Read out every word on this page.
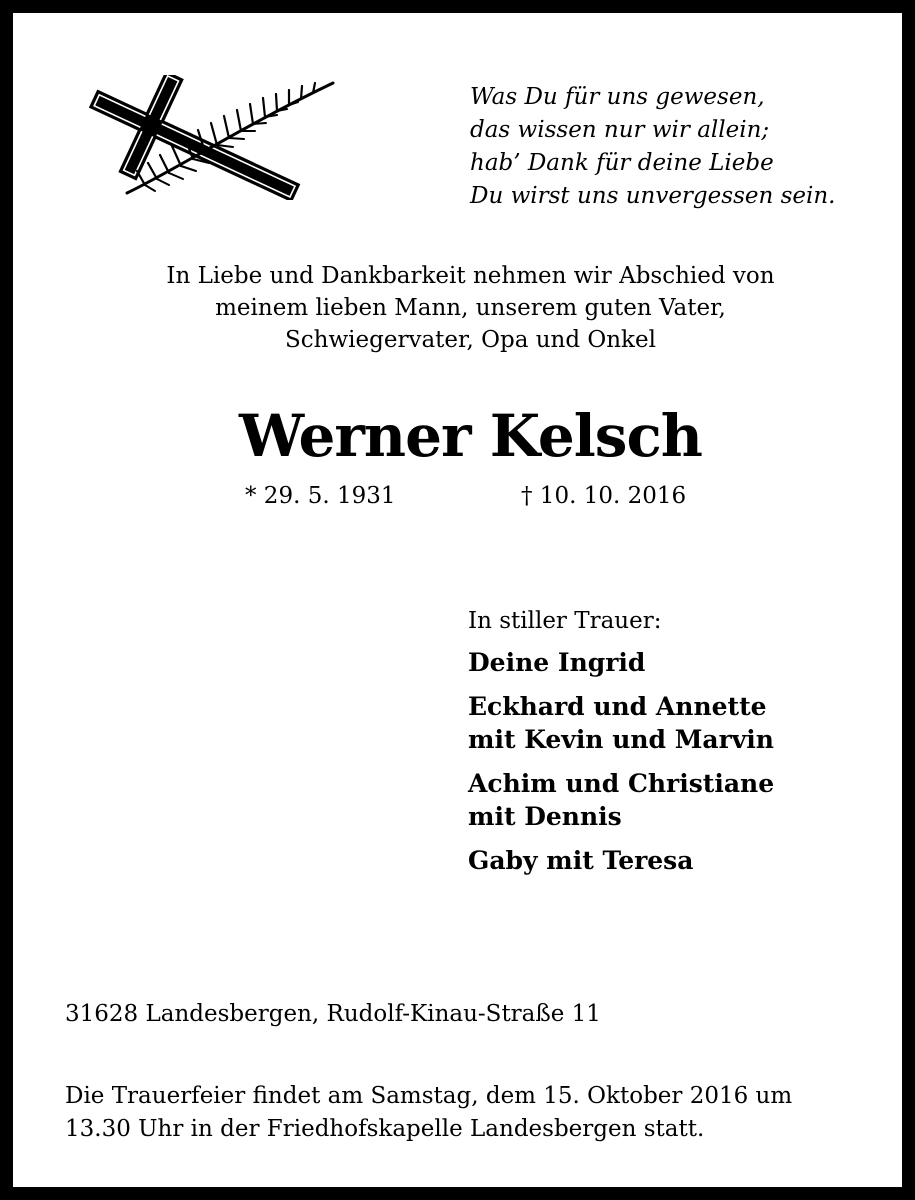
Was Du für uns gewesen,
das wissen nur wir allein;
hab’ Dank für deine Liebe
Du wirst uns unvergessen sein.
In Liebe und Dankbarkeit nehmen wir Abschied von
meinem lieben Mann, unserem guten Vater,
Schwiegervater, Opa und Onkel
Werner Kelsch
* 29. 5. 1931	† 10. 10. 2016
In stiller Trauer:
Deine Ingrid
Eckhard und Annette
mit Kevin und Marvin
Achim und Christiane
mit Dennis
Gaby mit Teresa
31628 Landesbergen, Rudolf-Kinau-Straße 11
Die Trauerfeier findet am Samstag, dem 15. Oktober 2016 um
13.30 Uhr in der Friedhofskapelle Landesbergen statt.
